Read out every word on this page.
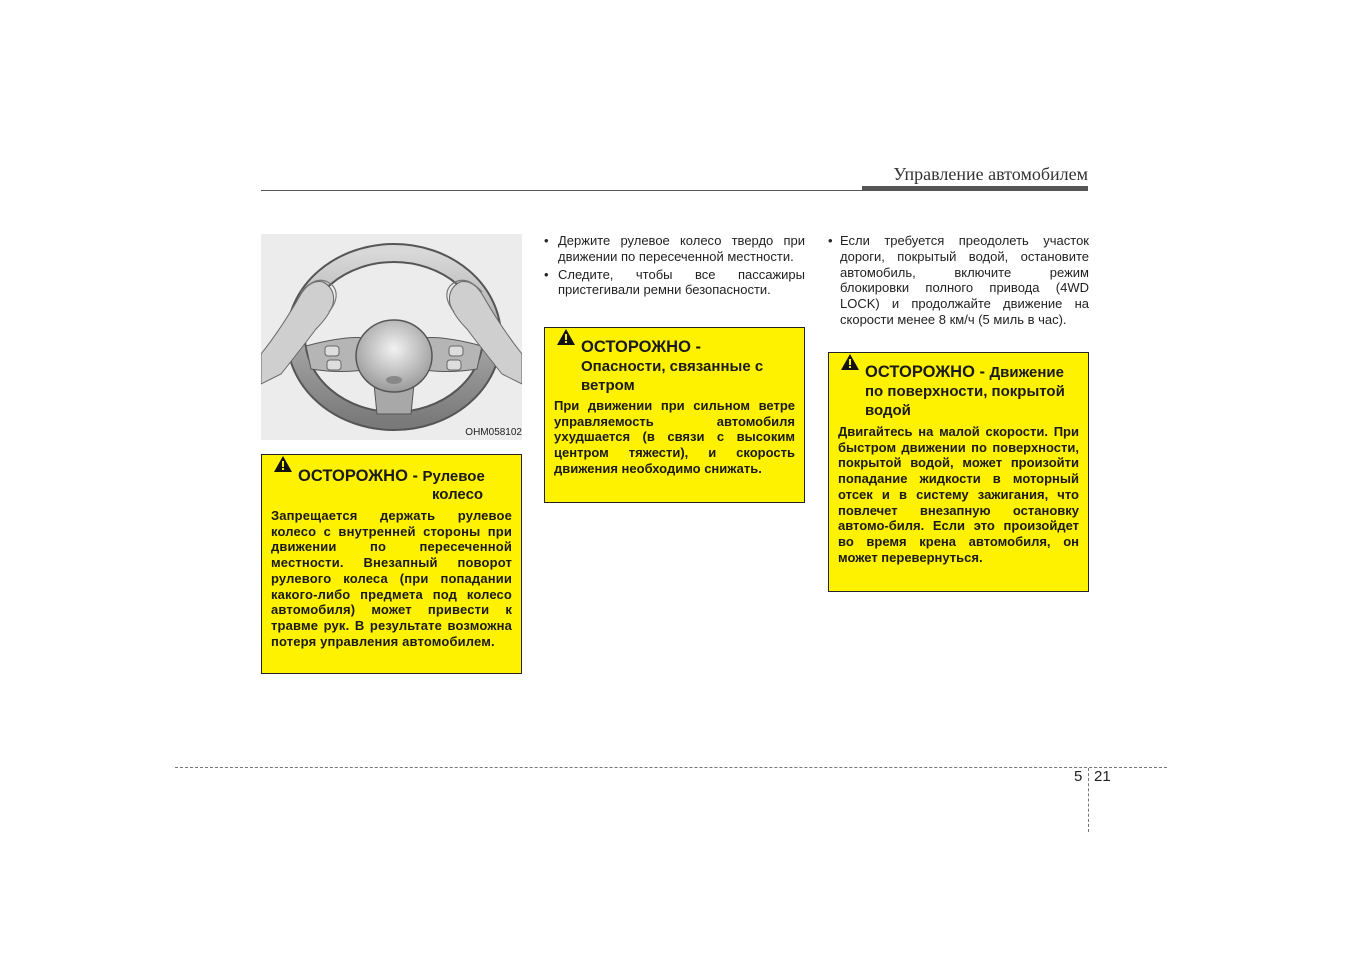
Управление автомобилем
OHM058102
ОСТОРОЖНО - Рулевое
колесо
Запрещается держать рулевое колесо с внутренней стороны при движении по пересеченной местности. Внезапный поворот рулевого колеса (при попадании какого-либо предмета под колесо автомобиля) может привести к травме рук. В результате возможна потеря управления автомобилем.
• Держите рулевое колесо твердо при движении по пересеченной местности.
• Следите, чтобы все пассажиры пристегивали ремни безопасности.
ОСТОРОЖНО -
Опасности, связанные с ветром
При движении при сильном ветре управляемость автомобиля ухудшается (в связи с высоким центром тяжести), и скорость движения необходимо снижать.
• Если требуется преодолеть участок дороги, покрытый водой, остановите автомобиль, включите режим блокировки полного привода (4WD LOCK) и продолжайте движение на скорости менее 8 км/ч (5 миль в час).
ОСТОРОЖНО - Движение
по поверхности, покрытой водой
Двигайтесь на малой скорости. При быстром движении по поверхности, покрытой водой, может произойти попадание жидкости в моторный отсек и в систему зажигания, что повлечет внезапную остановку автомо-биля. Если это произойдет во время крена автомобиля, он может перевернуться.
5 21
